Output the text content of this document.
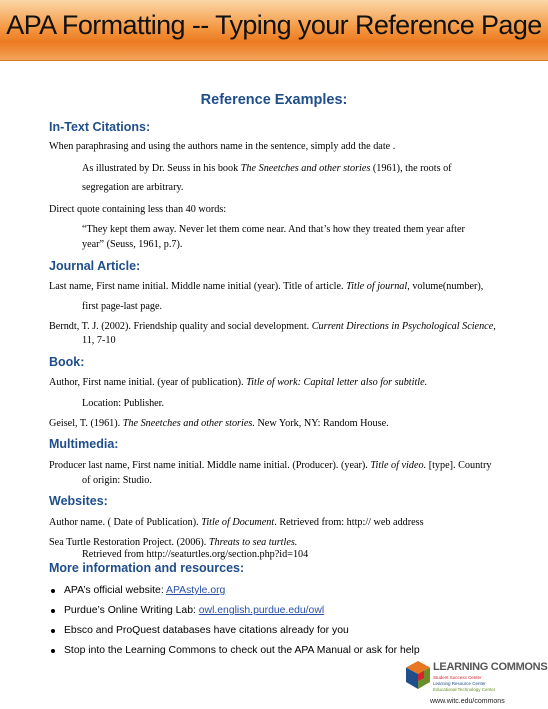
APA Formatting -- Typing your Reference Page
Reference Examples:
In-Text Citations:
When paraphrasing and using the authors name in the sentence, simply add the date .
As illustrated by Dr. Seuss in his book The Sneetches and other stories (1961), the roots of
segregation are arbitrary.
Direct quote containing less than 40 words:
“They kept them away. Never let them come near. And that’s how they treated them year after
year” (Seuss, 1961, p.7).
Journal Article:
Last name, First name initial. Middle name initial (year). Title of article. Title of journal, volume(number),
first page-last page.
Berndt, T. J. (2002). Friendship quality and social development. Current Directions in Psychological Science,
11, 7-10
Book:
Author, First name initial. (year of publication). Title of work: Capital letter also for subtitle.
Location: Publisher.
Geisel, T. (1961). The Sneetches and other stories. New York, NY: Random House.
Multimedia:
Producer last name, First name initial. Middle name initial. (Producer). (year). Title of video. [type]. Country
of origin: Studio.
Websites:
Author name. ( Date of Publication). Title of Document. Retrieved from: http:// web address
Sea Turtle Restoration Project. (2006). Threats to sea turtles.
Retrieved from http://seaturtles.org/section.php?id=104
More information and resources:
APA’s official website: APAstyle.org
Purdue’s Online Writing Lab: owl.english.purdue.edu/owl
Ebsco and ProQuest databases have citations already for you
Stop into the Learning Commons to check out the APA Manual or ask for help
LEARNING COMMONS
Student Success Center
Learning Resource Center
Educational Technology Center
www.witc.edu/commons
